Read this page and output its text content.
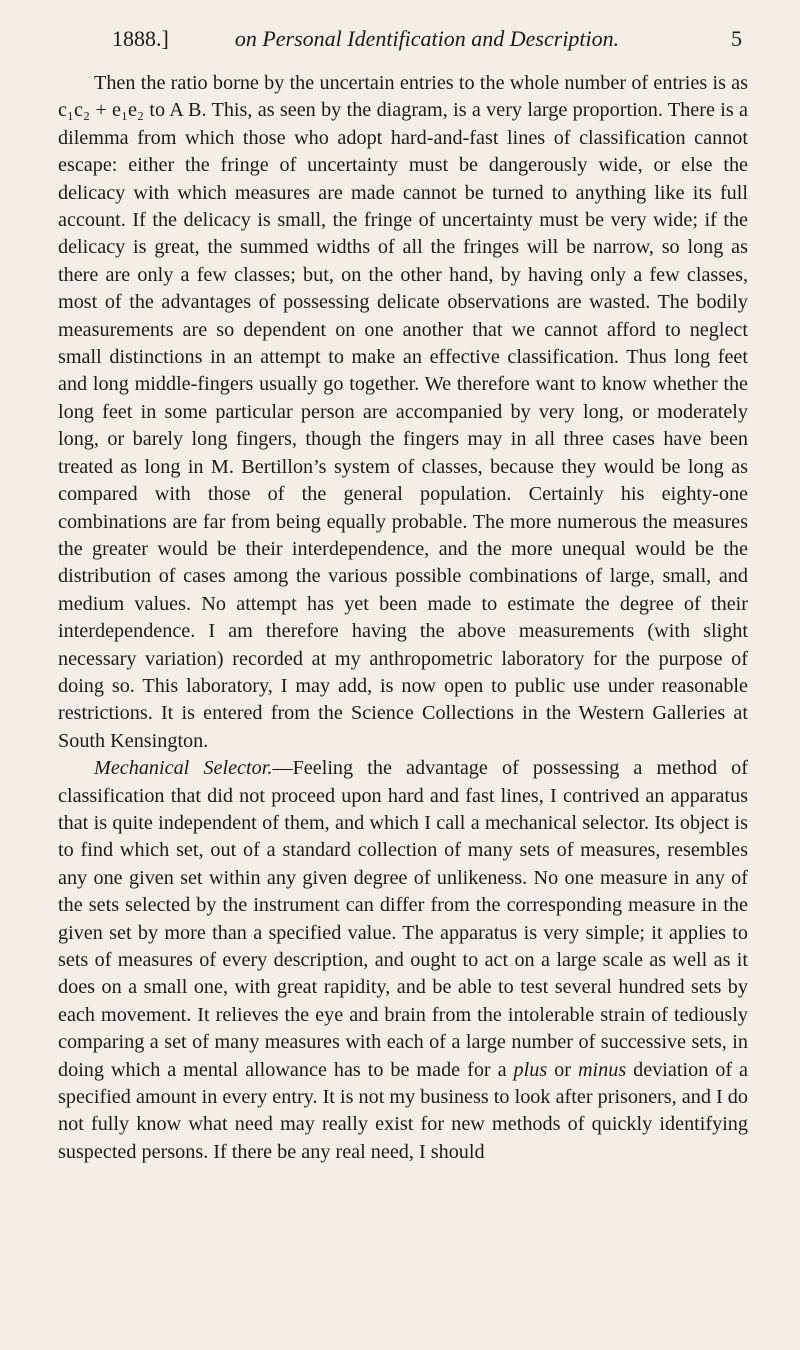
1888.]	on Personal Identification and Description.	5

Then the ratio borne by the uncertain entries to the whole number of entries is as c₁c₂ + e₁e₂ to A B. This, as seen by the diagram, is a very large proportion. There is a dilemma from which those who adopt hard-and-fast lines of classification cannot escape: either the fringe of uncertainty must be dangerously wide, or else the delicacy with which measures are made cannot be turned to anything like its full account. If the delicacy is small, the fringe of uncertainty must be very wide; if the delicacy is great, the summed widths of all the fringes will be narrow, so long as there are only a few classes; but, on the other hand, by having only a few classes, most of the advantages of possessing delicate observations are wasted. The bodily measurements are so dependent on one another that we cannot afford to neglect small distinctions in an attempt to make an effective classification. Thus long feet and long middle-fingers usually go together. We therefore want to know whether the long feet in some particular person are accompanied by very long, or moderately long, or barely long fingers, though the fingers may in all three cases have been treated as long in M. Bertillon’s system of classes, because they would be long as compared with those of the general population. Certainly his eighty-one combinations are far from being equally probable. The more numerous the measures the greater would be their interdependence, and the more unequal would be the distribution of cases among the various possible combinations of large, small, and medium values. No attempt has yet been made to estimate the degree of their interdependence. I am therefore having the above measurements (with slight necessary variation) recorded at my anthropometric laboratory for the purpose of doing so. This laboratory, I may add, is now open to public use under reasonable restrictions. It is entered from the Science Collections in the Western Galleries at South Kensington.

Mechanical Selector.—Feeling the advantage of possessing a method of classification that did not proceed upon hard and fast lines, I contrived an apparatus that is quite independent of them, and which I call a mechanical selector. Its object is to find which set, out of a standard collection of many sets of measures, resembles any one given set within any given degree of unlikeness. No one measure in any of the sets selected by the instrument can differ from the corresponding measure in the given set by more than a specified value. The apparatus is very simple; it applies to sets of measures of every description, and ought to act on a large scale as well as it does on a small one, with great rapidity, and be able to test several hundred sets by each movement. It relieves the eye and brain from the intolerable strain of tediously comparing a set of many measures with each of a large number of successive sets, in doing which a mental allowance has to be made for a plus or minus deviation of a specified amount in every entry. It is not my business to look after prisoners, and I do not fully know what need may really exist for new methods of quickly identifying suspected persons. If there be any real need, I should
